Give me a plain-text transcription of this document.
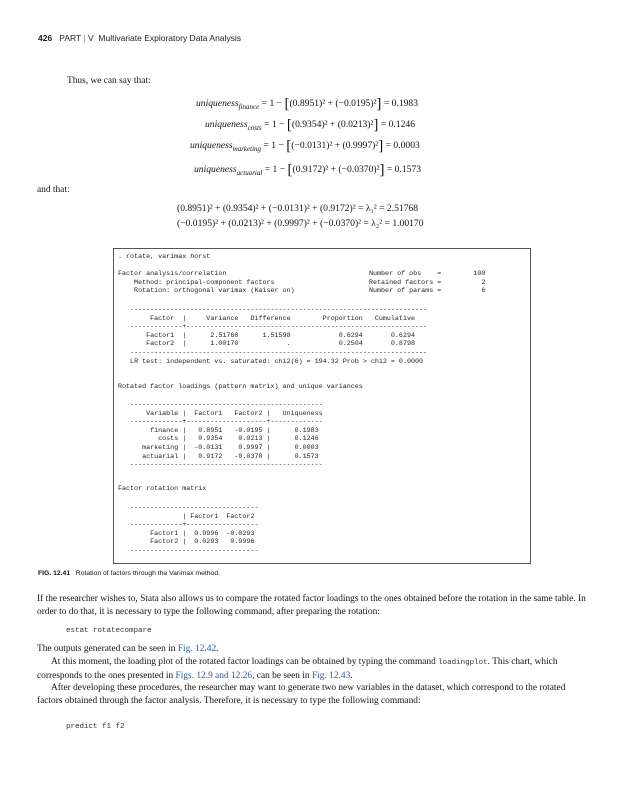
426 PART | V Multivariate Exploratory Data Analysis
Thus, we can say that:
uniqueness$_{finance}$ = 1 − [(0.8951)² + (−0.0195)²] = 0.1983
uniqueness$_{costs}$ = 1 − [(0.9354)² + (0.0213)²] = 0.1246
uniqueness$_{marketing}$ = 1 − [(−0.0131)² + (0.9997)²] = 0.0003
uniqueness$_{actuarial}$ = 1 − [(0.9172)² + (−0.0370)²] = 0.1573
and that:
(0.8951)² + (0.9354)² + (−0.0131)² + (0.9172)² = λ₁² = 2.51768
(−0.0195)² + (0.0213)² + (0.9997)² + (−0.0370)² = λ₂² = 1.00170
. rotate, varimax horst
Factor analysis/correlation
Method: principal-component factors
Rotation: orthogonal varimax (Kaiser on)
Number of obs    =        100
Retained factors =          2
Number of params =          6
--------------------------------------------------------------------------
Factor  |     Variance   Difference        Proportion   Cumulative
-------------+------------------------------------------------------------
Factor1  |      2.51768      1.51598            0.6294       0.6294
Factor2  |      1.00170            .            0.2504       0.8798
--------------------------------------------------------------------------
LR test: independent vs. saturated: chi2(6) = 194.32 Prob > chi2 = 0.0000
Rotated factor loadings (pattern matrix) and unique variances
------------------------------------------------
Variable |  Factor1   Factor2 |   Uniqueness
-------------+--------------------+-------------
finance |   0.8951   -0.0195 |      0.1983
costs |   0.9354    0.0213 |      0.1246
marketing |  -0.0131    0.9997 |      0.0003
actuarial |   0.9172   -0.0370 |      0.1573
------------------------------------------------
Factor rotation matrix
--------------------------------
| Factor1  Factor2
-------------+------------------
Factor1 |  0.9996  -0.0293
Factor2 |  0.0293   0.9996
--------------------------------
FIG. 12.41 Rotation of factors through the Varimax method.
If the researcher wishes to, Stata also allows us to compare the rotated factor loadings to the ones obtained before the rotation in the same table. In order to do that, it is necessary to type the following command, after preparing the rotation:
estat rotatecompare
The outputs generated can be seen in Fig. 12.42.
At this moment, the loading plot of the rotated factor loadings can be obtained by typing the command loadingplot. This chart, which corresponds to the ones presented in Figs. 12.9 and 12.26, can be seen in Fig. 12.43.
After developing these procedures, the researcher may want to generate two new variables in the dataset, which correspond to the rotated factors obtained through the factor analysis. Therefore, it is necessary to type the following command:
predict f1 f2
